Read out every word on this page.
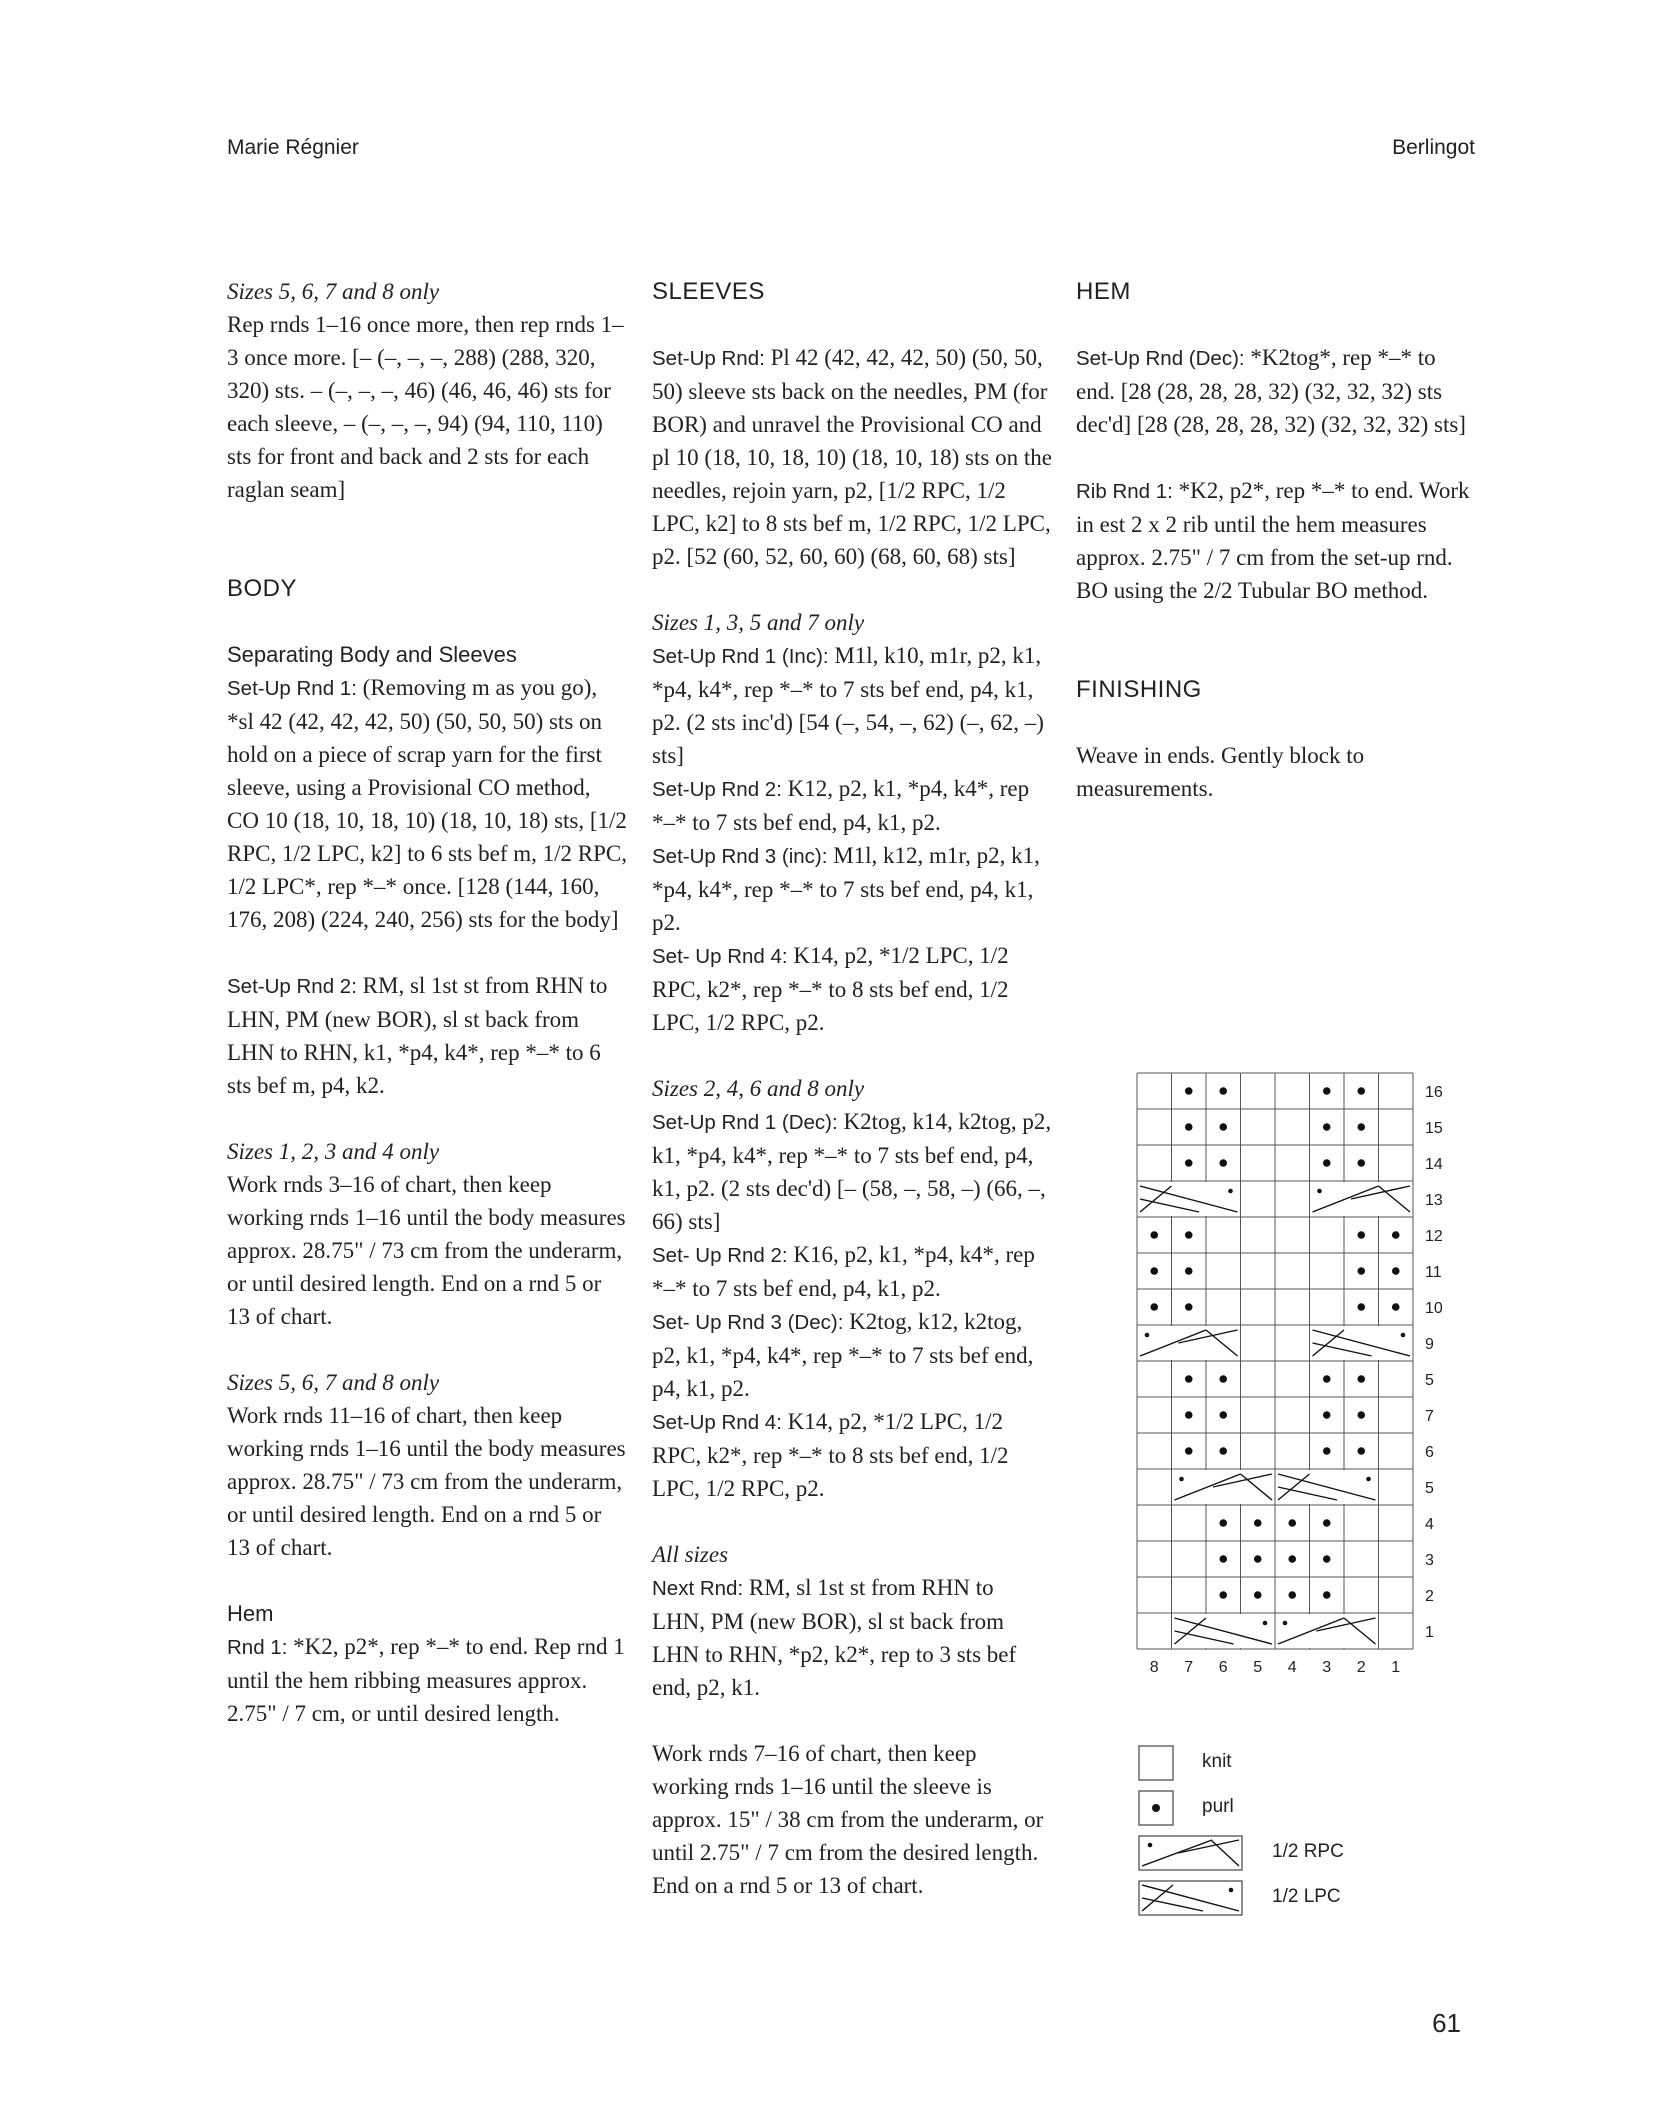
Marie Régnier	Berlingot

Sizes 5, 6, 7 and 8 only

Rep rnds 1–16 once more, then rep rnds 1–3 once more. [– (–, –, –, 288) (288, 320, 320) sts. – (–, –, –, 46) (46, 46, 46) sts for each sleeve, – (–, –, –, 94) (94, 110, 110) sts for front and back and 2 sts for each raglan seam]

BODY

Separating Body and Sleeves

Set-Up Rnd 1: (Removing m as you go), *sl 42 (42, 42, 42, 50) (50, 50, 50) sts on hold on a piece of scrap yarn for the first sleeve, using a Provisional CO method, CO 10 (18, 10, 18, 10) (18, 10, 18) sts, [1/2 RPC, 1/2 LPC, k2] to 6 sts bef m, 1/2 RPC, 1/2 LPC*, rep *–* once. [128 (144, 160, 176, 208) (224, 240, 256) sts for the body]

Set-Up Rnd 2: RM, sl 1st st from RHN to LHN, PM (new BOR), sl st back from LHN to RHN, k1, *p4, k4*, rep *–* to 6 sts bef m, p4, k2.

Sizes 1, 2, 3 and 4 only

Work rnds 3–16 of chart, then keep working rnds 1–16 until the body measures approx. 28.75" / 73 cm from the underarm, or until desired length. End on a rnd 5 or 13 of chart.

Sizes 5, 6, 7 and 8 only

Work rnds 11–16 of chart, then keep working rnds 1–16 until the body measures approx. 28.75" / 73 cm from the underarm, or until desired length. End on a rnd 5 or 13 of chart.

Hem

Rnd 1: *K2, p2*, rep *–* to end. Rep rnd 1 until the hem ribbing measures approx. 2.75" / 7 cm, or until desired length.

SLEEVES

Set-Up Rnd: Pl 42 (42, 42, 42, 50) (50, 50, 50) sleeve sts back on the needles, PM (for BOR) and unravel the Provisional CO and pl 10 (18, 10, 18, 10) (18, 10, 18) sts on the needles, rejoin yarn, p2, [1/2 RPC, 1/2 LPC, k2] to 8 sts bef m, 1/2 RPC, 1/2 LPC, p2. [52 (60, 52, 60, 60) (68, 60, 68) sts]

Sizes 1, 3, 5 and 7 only

Set-Up Rnd 1 (Inc): M1l, k10, m1r, p2, k1, *p4, k4*, rep *–* to 7 sts bef end, p4, k1, p2. (2 sts inc'd) [54 (–, 54, –, 62) (–, 62, –) sts]

Set-Up Rnd 2: K12, p2, k1, *p4, k4*, rep *–* to 7 sts bef end, p4, k1, p2.

Set-Up Rnd 3 (inc): M1l, k12, m1r, p2, k1, *p4, k4*, rep *–* to 7 sts bef end, p4, k1, p2.

Set- Up Rnd 4: K14, p2, *1/2 LPC, 1/2 RPC, k2*, rep *–* to 8 sts bef end, 1/2 LPC, 1/2 RPC, p2.

Sizes 2, 4, 6 and 8 only

Set-Up Rnd 1 (Dec): K2tog, k14, k2tog, p2, k1, *p4, k4*, rep *–* to 7 sts bef end, p4, k1, p2. (2 sts dec'd) [– (58, –, 58, –) (66, –, 66) sts]

Set- Up Rnd 2: K16, p2, k1, *p4, k4*, rep *–* to 7 sts bef end, p4, k1, p2.

Set- Up Rnd 3 (Dec): K2tog, k12, k2tog, p2, k1, *p4, k4*, rep *–* to 7 sts bef end, p4, k1, p2.

Set-Up Rnd 4: K14, p2, *1/2 LPC, 1/2 RPC, k2*, rep *–* to 8 sts bef end, 1/2 LPC, 1/2 RPC, p2.

All sizes

Next Rnd: RM, sl 1st st from RHN to LHN, PM (new BOR), sl st back from LHN to RHN, *p2, k2*, rep to 3 sts bef end, p2, k1.

Work rnds 7–16 of chart, then keep working rnds 1–16 until the sleeve is approx. 15" / 38 cm from the underarm, or until 2.75" / 7 cm from the desired length. End on a rnd 5 or 13 of chart.

HEM

Set-Up Rnd (Dec): *K2tog*, rep *–* to end. [28 (28, 28, 28, 32) (32, 32, 32) sts dec'd] [28 (28, 28, 28, 32) (32, 32, 32) sts]

Rib Rnd 1: *K2, p2*, rep *–* to end. Work in est 2 x 2 rib until the hem measures approx. 2.75" / 7 cm from the set-up rnd. BO using the 2/2 Tubular BO method.

FINISHING

Weave in ends. Gently block to measurements.

16
15
14
13
12
11
10
9
5
7
6
5
4
3
2
1
8 7 6 5 4 3 2 1
knit
purl
1/2 RPC
1/2 LPC
61
